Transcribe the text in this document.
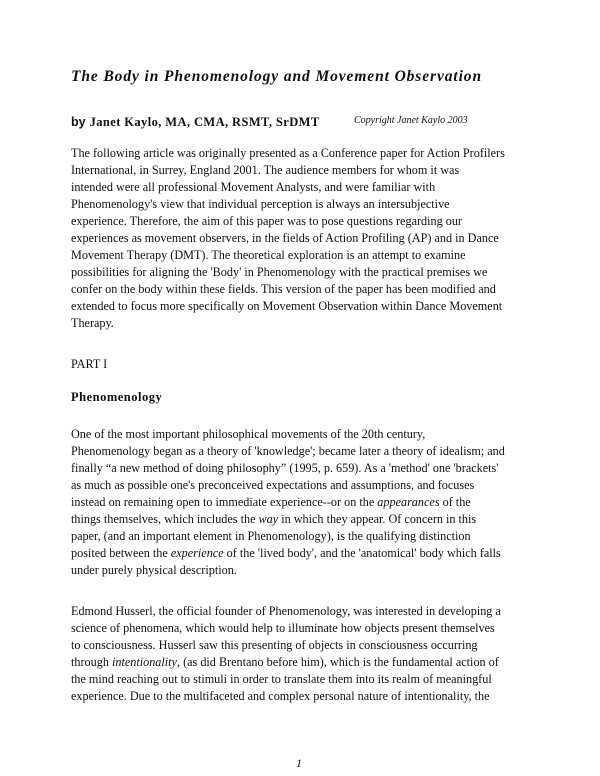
The Body in Phenomenology and Movement Observation
by Janet Kaylo, MA, CMA, RSMT, SrDMT	Copyright Janet Kaylo 2003
The following article was originally presented as a Conference paper for Action Profilers
International, in Surrey, England 2001. The audience members for whom it was
intended were all professional Movement Analysts, and were familiar with
Phenomenology's view that individual perception is always an intersubjective
experience. Therefore, the aim of this paper was to pose questions regarding our
experiences as movement observers, in the fields of Action Profiling (AP) and in Dance
Movement Therapy (DMT). The theoretical exploration is an attempt to examine
possibilities for aligning the 'Body' in Phenomenology with the practical premises we
confer on the body within these fields. This version of the paper has been modified and
extended to focus more specifically on Movement Observation within Dance Movement
Therapy.
PART I
Phenomenology
One of the most important philosophical movements of the 20th century,
Phenomenology began as a theory of 'knowledge'; became later a theory of idealism; and
finally “a new method of doing philosophy” (1995, p. 659). As a 'method' one 'brackets'
as much as possible one's preconceived expectations and assumptions, and focuses
instead on remaining open to immediate experience--or on the appearances of the
things themselves, which includes the way in which they appear. Of concern in this
paper, (and an important element in Phenomenology), is the qualifying distinction
posited between the experience of the 'lived body', and the 'anatomical' body which falls
under purely physical description.
Edmond Husserl, the official founder of Phenomenology, was interested in developing a
science of phenomena, which would help to illuminate how objects present themselves
to consciousness. Husserl saw this presenting of objects in consciousness occurring
through intentionality, (as did Brentano before him), which is the fundamental action of
the mind reaching out to stimuli in order to translate them into its realm of meaningful
experience. Due to the multifaceted and complex personal nature of intentionality, the
1
